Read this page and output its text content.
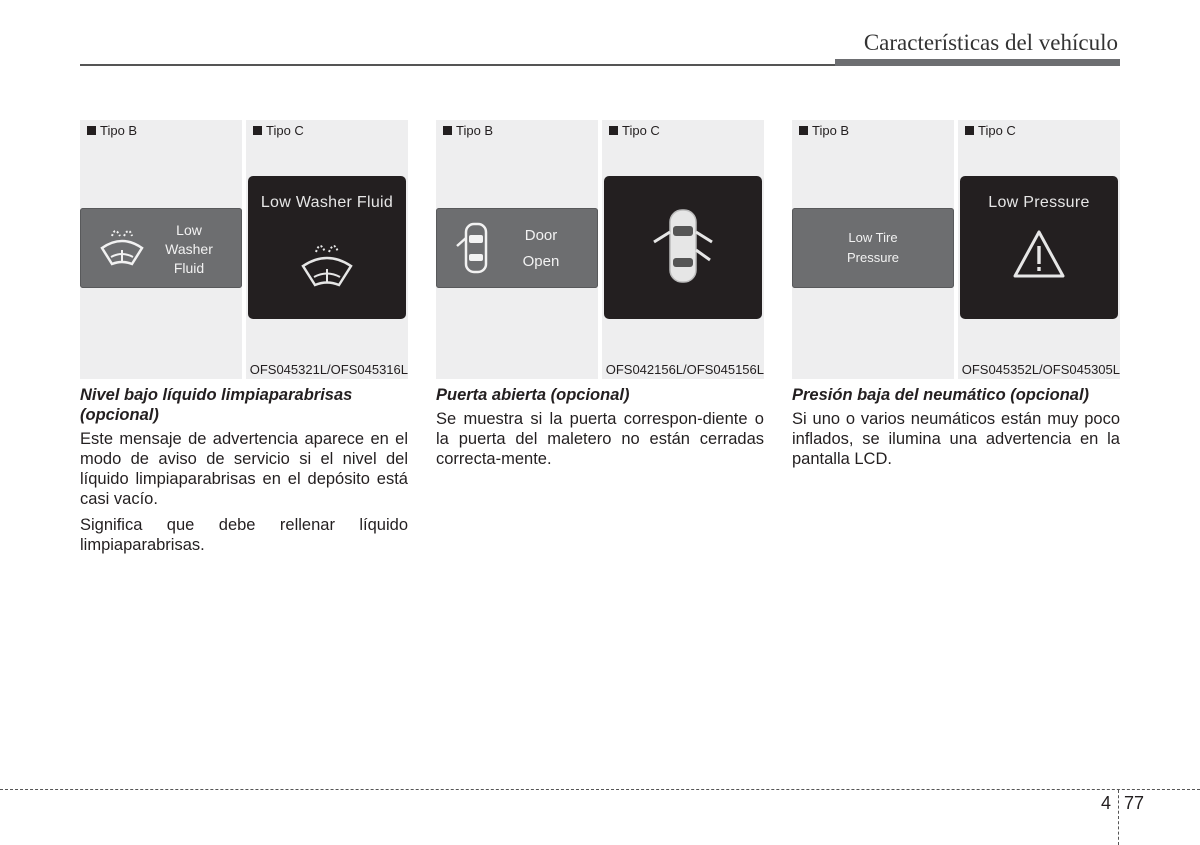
Características del vehículo
Tipo B
Low
Washer
Fluid
Tipo C
Low Washer Fluid
OFS045321L/OFS045316L
Nivel bajo líquido limpiaparabrisas (opcional)
Este mensaje de advertencia aparece en el modo de aviso de servicio si el nivel del líquido limpiaparabrisas en el depósito está casi vacío.
Significa que debe rellenar líquido limpiaparabrisas.
Tipo B
Door
Open
Tipo C
OFS042156L/OFS045156L
Puerta abierta (opcional)
Se muestra si la puerta correspon-diente o la puerta del maletero no están cerradas correcta-mente.
Tipo B
Low Tire
Pressure
Tipo C
Low Pressure
OFS045352L/OFS045305L
Presión baja del neumático (opcional)
Si uno o varios neumáticos están muy poco inflados, se ilumina una advertencia en la pantalla LCD.
4 77
